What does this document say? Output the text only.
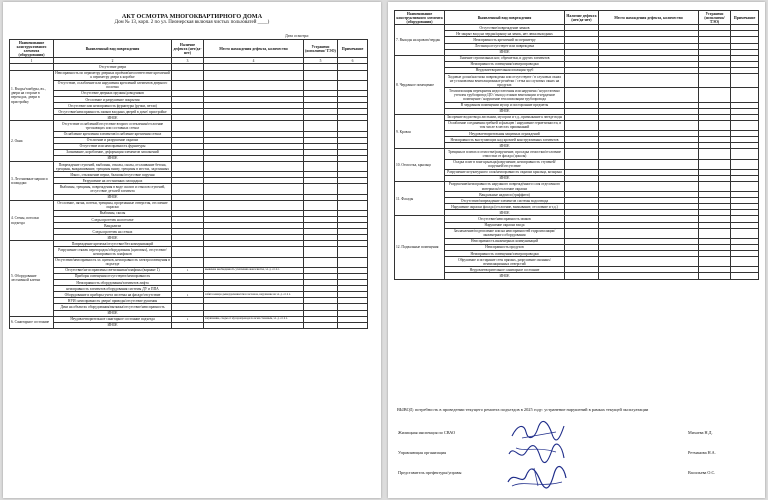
АКТ ОСМОТРА МНОГОКВАРТИРНОГО ДОМА
Дом № 13, корп. 2 по ул. Пионерская включая чистых пользоватей ____)
Дата осмотра:
Наименование конструктивного элемента (оборудования)	Выявленный вид повреждения	Наличие дефекта (нет/да-нет)	Место нахождения дефекта, количество	Устранено (исполнено/ ТЭО)	Примечание
1	2	3	4	5	6
	Отсутствие двери				
1. Входы/тамбуры, вх., двери на стороне в переходах, двери в пристройку	Неисправность по периметру дверных проёмов/несоответствие креплений к периметру двери к коробке				
	Отсутствие, ослабление или нарушения креплений элементов дверного полотна				
	Отсутствие дверных пружин/доводчиков				
	Отслоение и разрушение покрытия				
	Отсутствие или неисправность фурнитуры (ручки, петли)				
	Отсутствие/неисправность замков входных дверей в доме/ пристройке				
	ИНОЕ				
2. Окна	Отсутствие ослаблений/отсутствие второго остекления/отслоение трескающих или составных стекол				
	Ослабление крепления элементов/ослабление крепления стекол				
	Отслоение и разрушение окраски				
	Отсутствие или неисправность фурнитуры				
	Загнивание, коробление, деформация элементов заполнений				
	ИНОЕ				
3. Лестничные марши и площадки	Повреждение ступеней, выбоины, отколы, сколы, отслаивание бетона, трещины, выкрашивание, трещины внизу, трещины в местах, заделанных				
	Износ, отклонение перил, балясин/отсутствие поручня				
	Разрушение на лестничных площадках				
	Выбоины, трещины, повреждения в виде сколов и отколов ступеней, отсутствие деталей элемента				
	ИНОЕ				
4. Стены, потолки подъезда	Отслоение, пятна, потеки, трещины, прорезанные отверстия, отслоение окраски				
	Выбоины, сколы				
	Следы протечек на потолке				
	Вандализм				
	Следы протечек на стенах				
	ИНОЕ				
5. Оборудование лестничной клетки	Повреждение крепежа/отсутствие/без коммуникаций				
	Разрушение стяжек перегородок/оборудования (щитовых), отсутствие/неисправность плафонов				
	Отсутствие/неисправность эл. щитков, неисправность электроосвещения в подъезде				
	Отсутствие/не исправлены светильники/плафоны (вариант 1)	1	выявлена необходимость утепления окон/очистка, эл. д. от 4 л.		
	Приборы освещения отсутствуют/неисправность				
	Неисправность оборудования/элементов лифта				
	неисправность элементов оборудования системы ДУ и ППА				
	Оборудование и приборы учета системы на фасаде/отсутствие	1	забита камера дымоудаления/отказ заслонок, нарушение на эл. д. от 4 л.		
	НУИ: неисправность двери/ приводы/отсутствие рушения				
	Дачи на объектах оборудования/вытяжка/отсутствие/неисправность				
	ИНОЕ				
6. Санитарное состояние	Неудовлетворительное санитарное состояние подъезда	1	загрязнение, следы от мусоропровода по всем стеновым, эл. д. от 4 л.		
	ИНОЕ				
Наименование конструктивного элемента (оборудования)	Выявленный вид повреждения	Наличие дефекта (нет/да-нет)	Место нахождения дефекта, количество	Устранено (исполнено/ ТЭО)	Примечание
7. Выходы на кровлю/чердак	Отсутствие/повреждение замков				
	Не закрыт вход на чердак/крышу на замок, нет люка выходных				
	Неисправность креплений по периметру				
	Лестница отсутствует или повреждена				
	ИНОЕ				
8. Чердачное помещение	Гниение стропильных ног, обрешетки, и других элементов				
	Неисправность освещения/электропроводки				
	Неудовлетворительная изоляция труб				
	Ходовые доски/настилы повреждены или отсутствуют / в слуховых окнах не установлены вентиляционные решётки / сетка на слуховых окнах на продухах				
	Теплоизоляция перекрытия недостаточная или нарушена / недостаточно утеплен трубопровод ЦО / выход стояков вентиляции и чердачное помещение / нарушение теплоизоляции трубопровода				
	В чердачном помещении мусор и посторонние предметы				
	ИНОЕ				
9. Кровля	Засорение водоотвода листьями, мусором и т.д., примыкание к звезде воды				
	Ослабление соединения гребней и фальцев / нарушение герметичности, в том числе в местах примыканий				
	Неудовлетворительная защитных ограждений				
	Неисправность выступающих над кровлей конструктивных элементов				
	ИНОЕ				
10. Отмостка, крыльцо	Трещины в плитах и отмостке/разрушение, просадка отмостки/отслоение отмостки от фасада (цоколя)				
	Осадка плит в зоне крыльца/разрушение, неисправность ступеней/поручней/отсутствие				
	Разрушение штукатурного слоя/неисправность окраски крыльца, козырька				
	ИНОЕ				
11. Фасады	Разрушение/неисправность наружного повреждённого слоя отделочного материала/отслоение окраски				
	Вандальные надписи (граффити)				
	Отсутствие/повреждение элементов системы водоотвода				
	Нарушение окраски фасада (отслоение, вымывание, отслоение и т.д.)				
	ИНОЕ				
12. Подвальные помещения	Отсутствие/неисправность замков				
	Нарушение окраски входа				
	Захламление/подтопление или на неисправностей гидроизоляции/инженерного оборудования				
	Неисправность инженерных коммуникаций				
	Неисправность продухов				
	Неисправность освещения/электропроводки				
	Обрушение и истирание стен прямых, разрушение оконных/вентиляционных отверстий				
	Неудовлетворительное санитарное состояние				
	ИНОЕ				
ВЫВОД: потребность в проведении текущего ремонта подъездов в 2025 году: устранение нарушений в рамках текущей эксплуатации
Жилищная инспекция по СВАО	Михаева Н.Д.
Управляющая организация	Ретманова Н.А.
Представитель префектуры/управы	Васильева О.С.
